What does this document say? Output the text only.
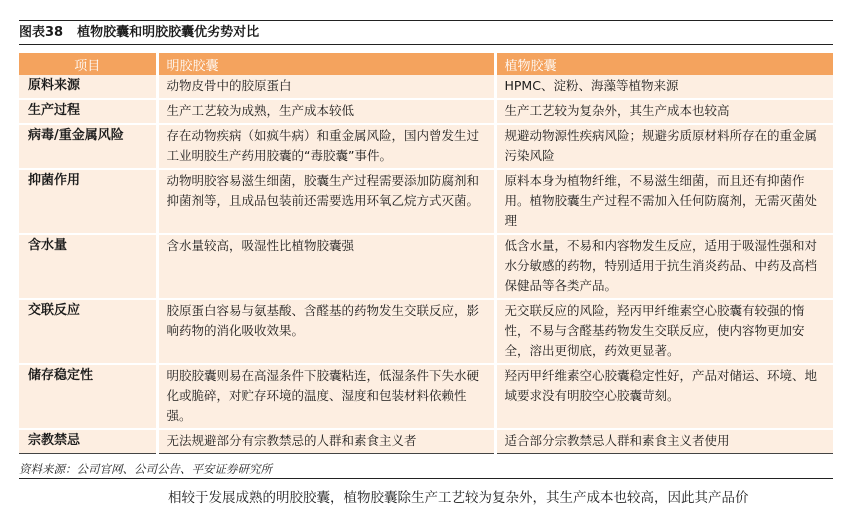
图表38 植物胶囊和明胶胶囊优劣势对比
项目	明胶胶囊	植物胶囊
原料来源	动物皮骨中的胶原蛋白	HPMC、淀粉、海藻等植物来源
生产过程	生产工艺较为成熟，生产成本较低	生产工艺较为复杂外，其生产成本也较高
病毒/重金属风险	存在动物疾病（如疯牛病）和重金属风险，国内曾发生过工业明胶生产药用胶囊的“毒胶囊”事件。	规避动物源性疾病风险；规避劣质原材料所存在的重金属污染风险
抑菌作用	动物明胶容易滋生细菌，胶囊生产过程需要添加防腐剂和抑菌剂等，且成品包装前还需要选用环氧乙烷方式灭菌。	原料本身为植物纤维，不易滋生细菌，而且还有抑菌作用。植物胶囊生产过程不需加入任何防腐剂，无需灭菌处理
含水量	含水量较高，吸湿性比植物胶囊强	低含水量，不易和内容物发生反应，适用于吸湿性强和对水分敏感的药物，特别适用于抗生消炎药品、中药及高档保健品等各类产品。
交联反应	胶原蛋白容易与氨基酸、含醛基的药物发生交联反应，影响药物的消化吸收效果。	无交联反应的风险，羟丙甲纤维素空心胶囊有较强的惰性，不易与含醛基药物发生交联反应，使内容物更加安全，溶出更彻底，药效更显著。
储存稳定性	明胶胶囊则易在高湿条件下胶囊粘连，低湿条件下失水硬化或脆碎，对贮存环境的温度、湿度和包装材料依赖性强。	羟丙甲纤维素空心胶囊稳定性好，产品对储运、环境、地域要求没有明胶空心胶囊苛刻。
宗教禁忌	无法规避部分有宗教禁忌的人群和素食主义者	适合部分宗教禁忌人群和素食主义者使用
资料来源：公司官网、公司公告、平安证券研究所
相较于发展成熟的明胶胶囊，植物胶囊除生产工艺较为复杂外，其生产成本也较高，因此其产品价
